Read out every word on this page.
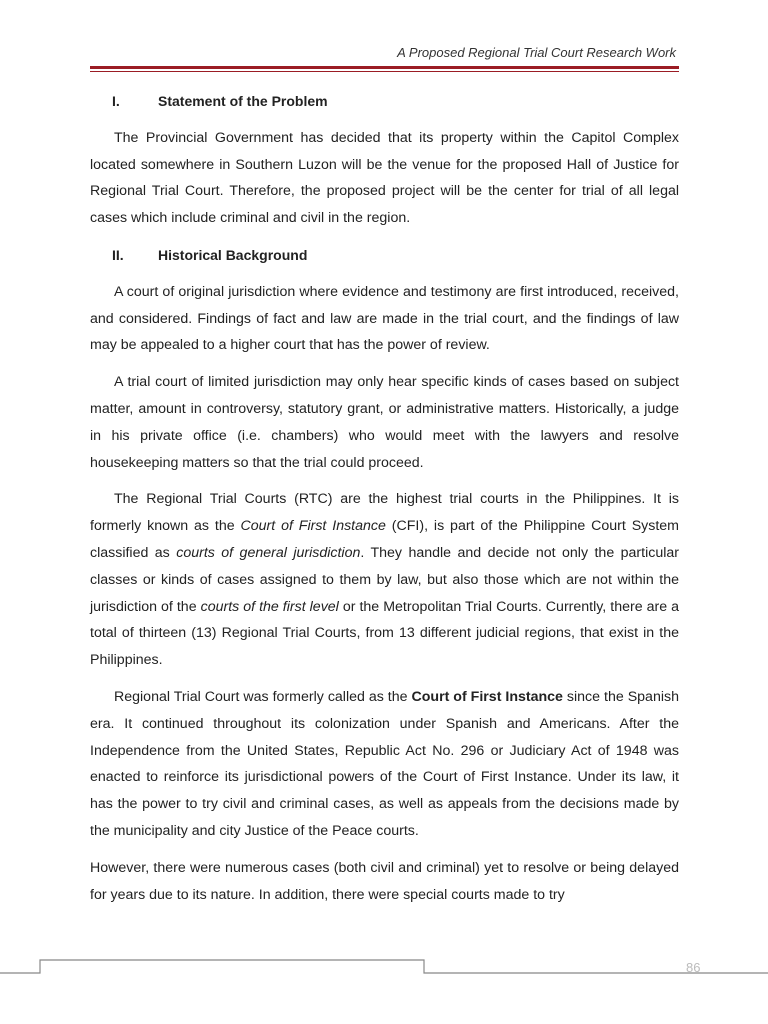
A Proposed Regional Trial Court Research Work
I.	Statement of the Problem

The Provincial Government has decided that its property within the Capitol Complex located somewhere in Southern Luzon will be the venue for the proposed Hall of Justice for Regional Trial Court. Therefore, the proposed project will be the center for trial of all legal cases which include criminal and civil in the region.

II. Historical Background

A court of original jurisdiction where evidence and testimony are first introduced, received, and considered. Findings of fact and law are made in the trial court, and the findings of law may be appealed to a higher court that has the power of review.

A trial court of limited jurisdiction may only hear specific kinds of cases based on subject matter, amount in controversy, statutory grant, or administrative matters. Historically, a judge in his private office (i.e. chambers) who would meet with the lawyers and resolve housekeeping matters so that the trial could proceed.

The Regional Trial Courts (RTC) are the highest trial courts in the Philippines. It is formerly known as the Court of First Instance (CFI), is part of the Philippine Court System classified as courts of general jurisdiction. They handle and decide not only the particular classes or kinds of cases assigned to them by law, but also those which are not within the jurisdiction of the courts of the first level or the Metropolitan Trial Courts. Currently, there are a total of thirteen (13) Regional Trial Courts, from 13 different judicial regions, that exist in the Philippines.

Regional Trial Court was formerly called as the Court of First Instance since the Spanish era. It continued throughout its colonization under Spanish and Americans. After the Independence from the United States, Republic Act No. 296 or Judiciary Act of 1948 was enacted to reinforce its jurisdictional powers of the Court of First Instance. Under its law, it has the power to try civil and criminal cases, as well as appeals from the decisions made by the municipality and city Justice of the Peace courts.

However, there were numerous cases (both civil and criminal) yet to resolve or being delayed for years due to its nature. In addition, there were special courts made to try

86
